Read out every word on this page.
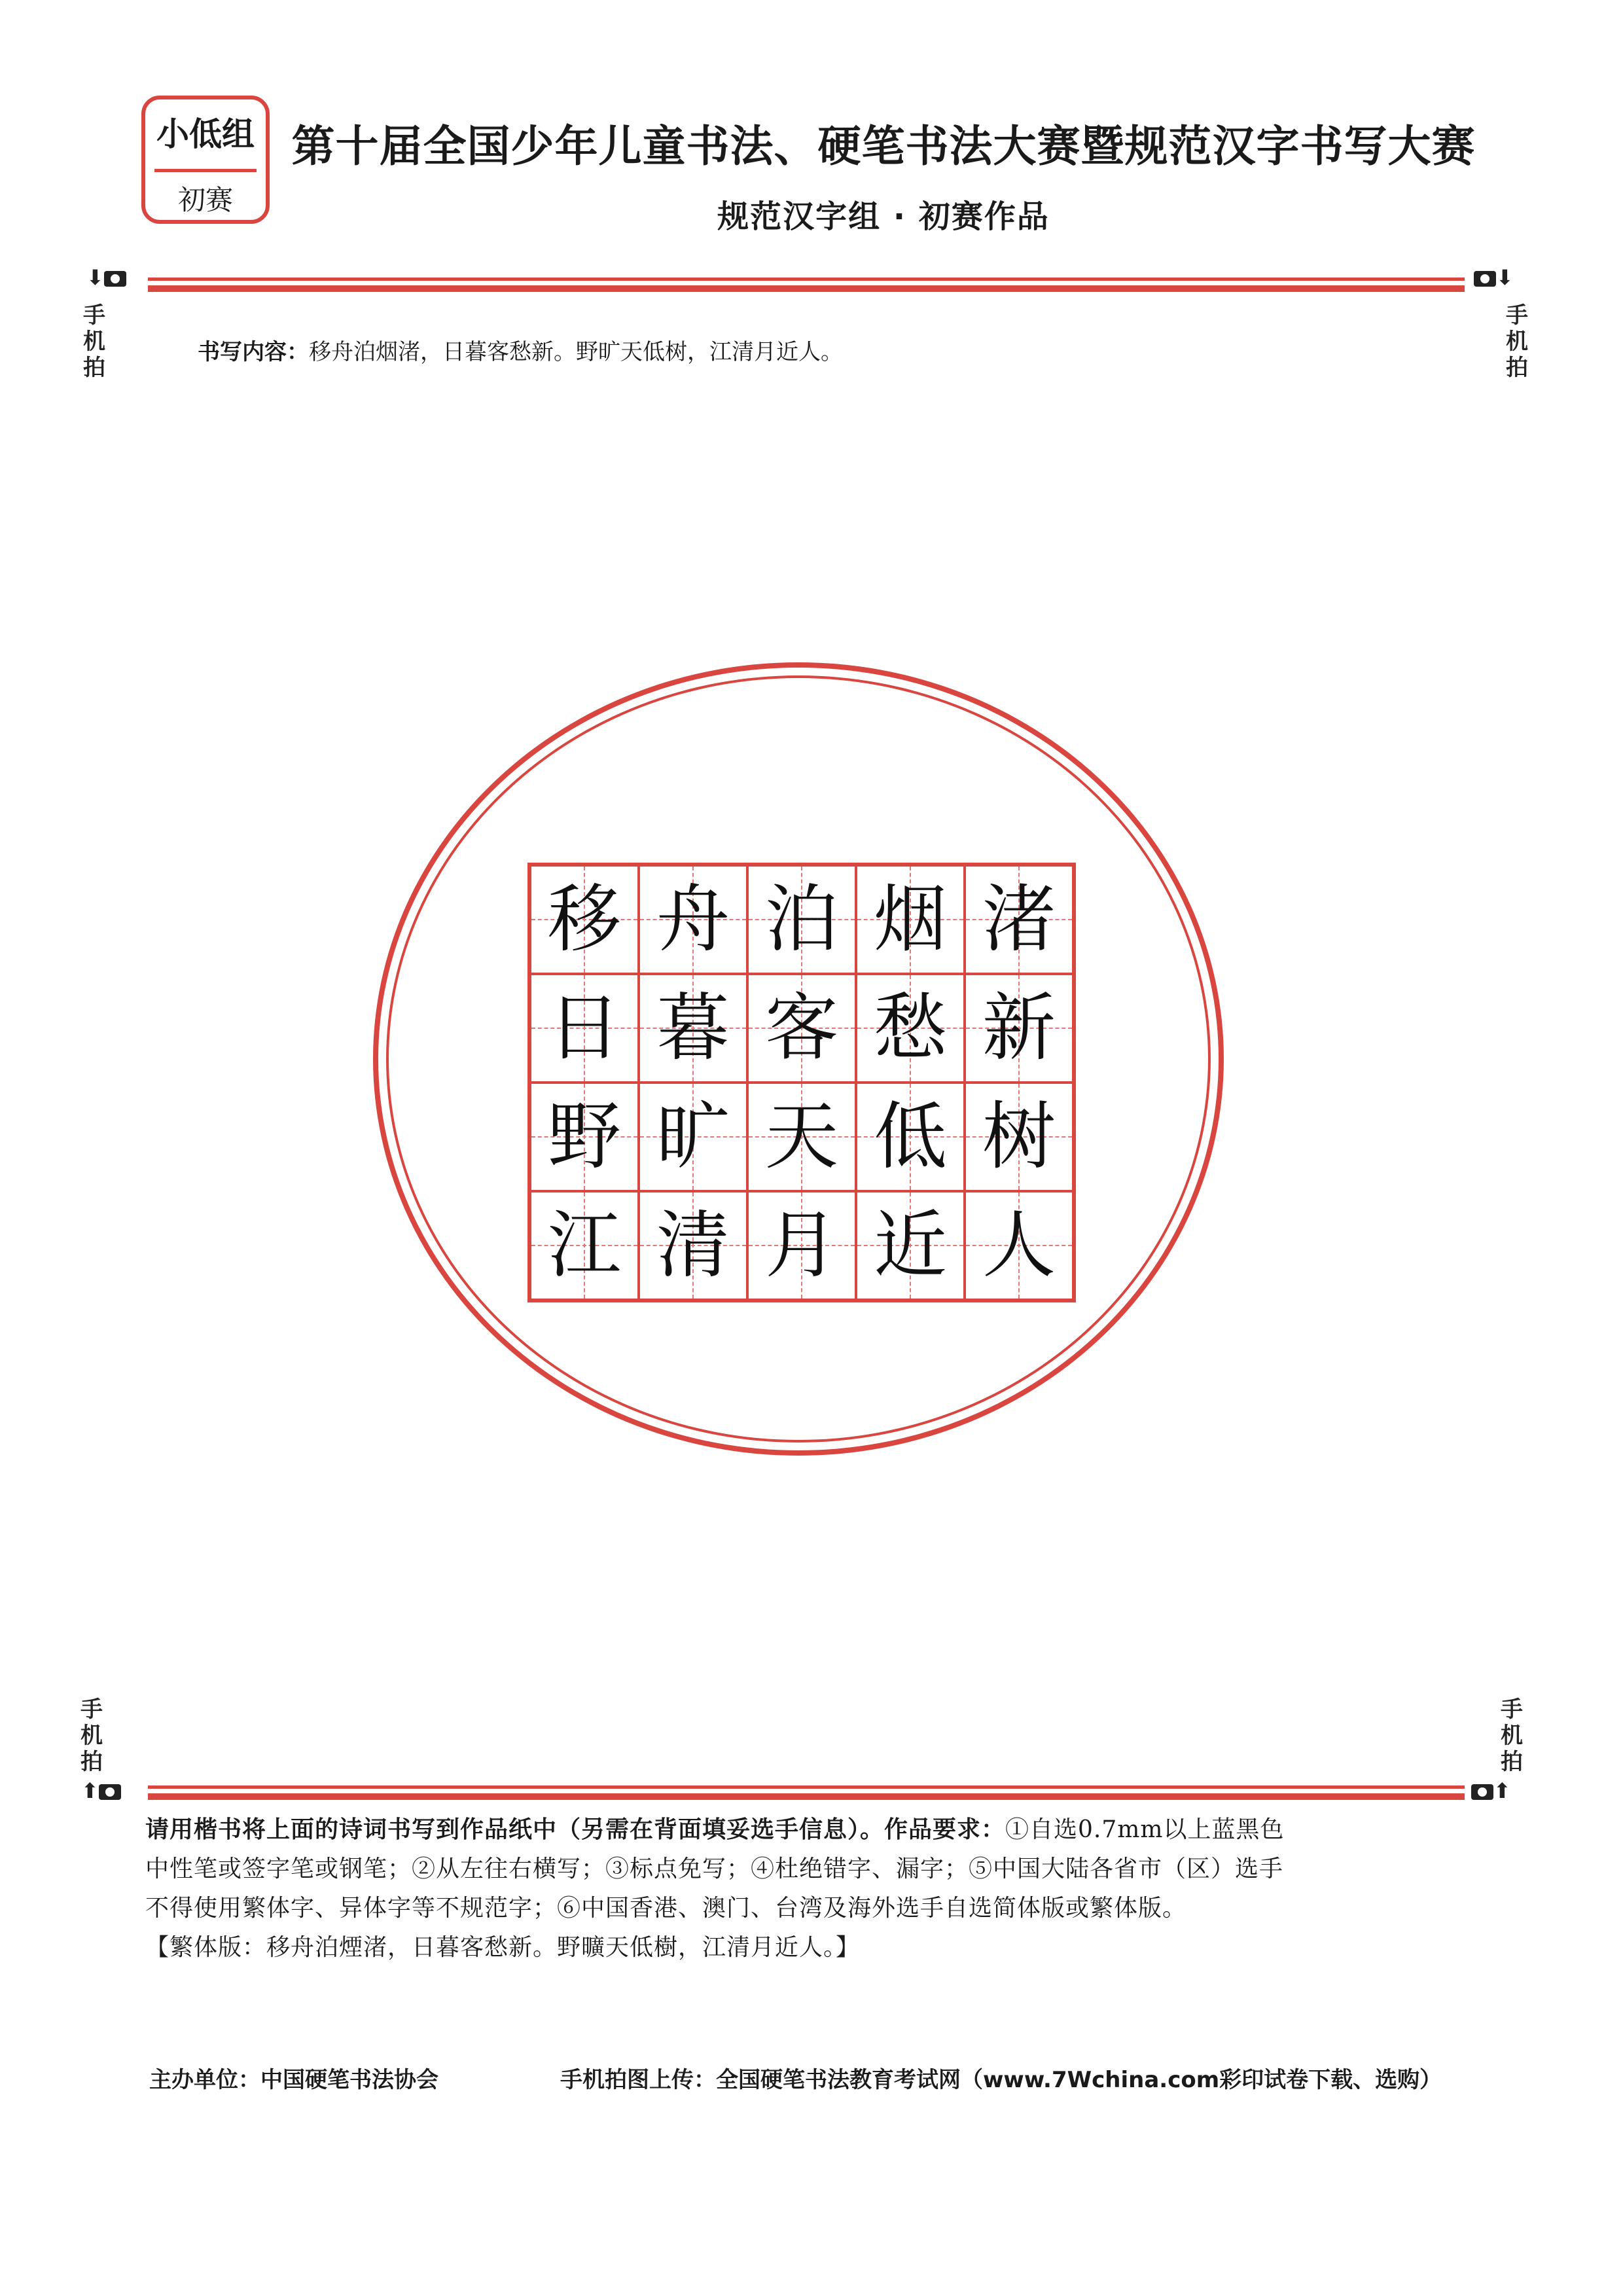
小低组
初赛
第十届全国少年儿童书法、硬笔书法大赛暨规范汉字书写大赛
规范汉字组 · 初赛作品
⬇	⬇
手
机
拍
手
机
拍
书写内容：移舟泊烟渚，日暮客愁新。野旷天低树，江清月近人。
移 舟 泊 烟 渚
日 暮 客 愁 新
野 旷 天 低 树
江 清 月 近 人
手
机
拍
手
机
拍
⬆	⬆
请用楷书将上面的诗词书写到作品纸中（另需在背面填妥选手信息）。作品要求：①自选0.7mm以上蓝黑色
中性笔或签字笔或钢笔；②从左往右横写；③标点免写；④杜绝错字、漏字；⑤中国大陆各省市（区）选手
不得使用繁体字、异体字等不规范字；⑥中国香港、澳门、台湾及海外选手自选简体版或繁体版。
【繁体版：移舟泊煙渚，日暮客愁新。野曠天低樹，江清月近人。】
主办单位：中国硬笔书法协会	手机拍图上传：全国硬笔书法教育考试网（www.7Wchina.com彩印试卷下载、选购）
